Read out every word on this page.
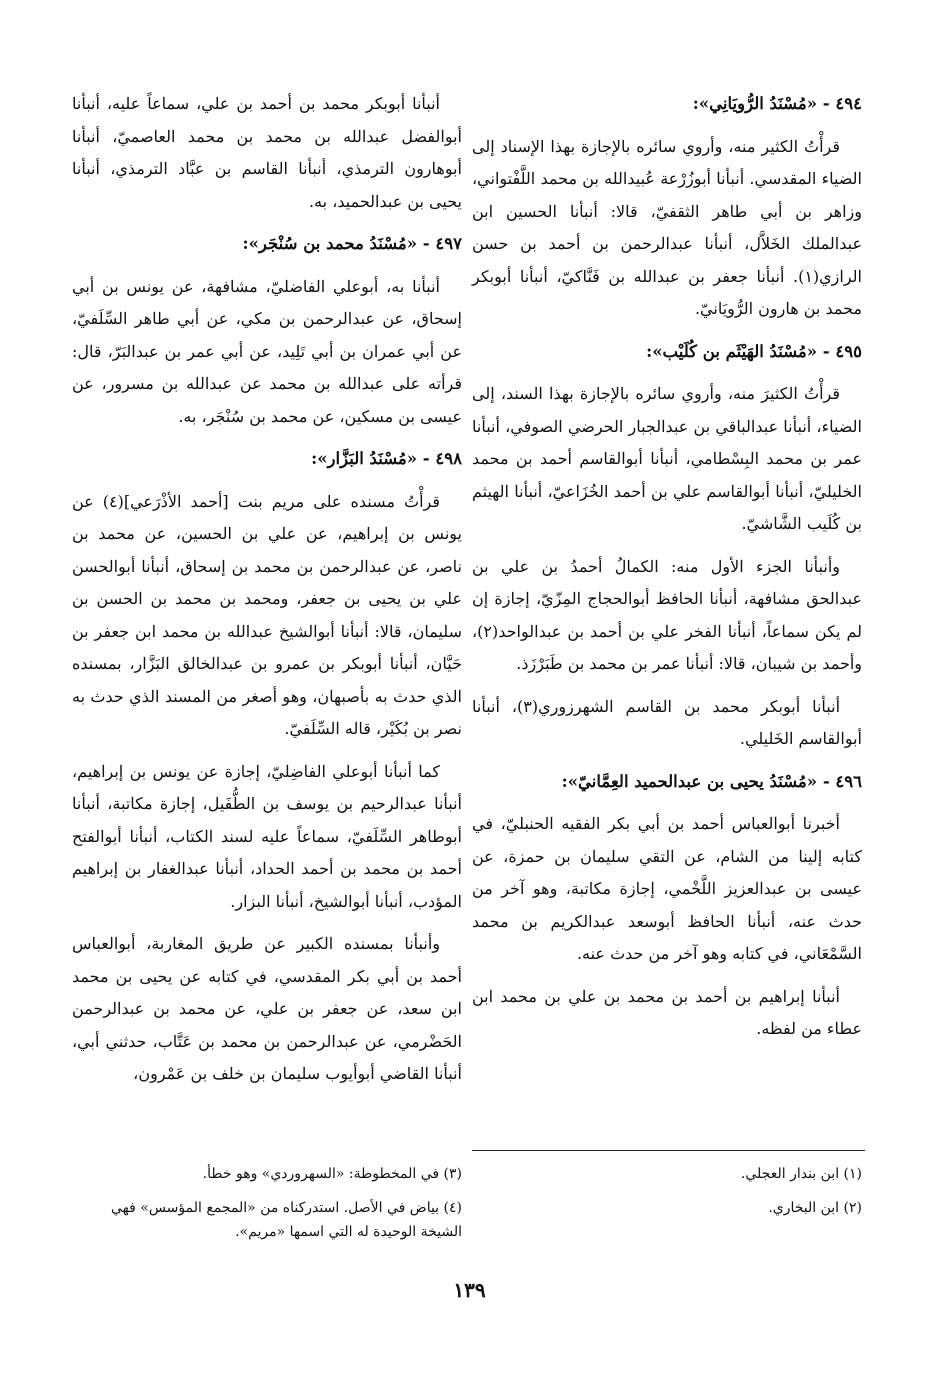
٤٩٤ - «مُسْنَدُ الرُّويَانِي»:

قرأْتُ الكثير منه، وأروي سائره بالإجازة بهذا الإسناد إلى الضياء المقدسي. أنبأنا أبوزُرْعة عُبيدالله بن محمد اللَّفْتواني، وزاهر بن أبي طاهر الثقفيّ، قالا: أنبأنا الحسين ابن عبدالملك الخَلاَّل، أنبأنا عبدالرحمن بن أحمد بن حسن الرازي(١). أنبأنا جعفر بن عبدالله بن فَنَّاكيّ، أنبأنا أبوبكر محمد بن هارون الرُّويَانيّ.

٤٩٥ - «مُسْنَدُ الهَيْثَم بن كُلَيْب»:

قرأْتُ الكثيرَ منه، وأروي سائره بالإجازة بهذا السند، إلى الضياء، أنبأنا عبدالباقي بن عبدالجبار الحرضي الصوفي، أنبأنا عمر بن محمد البِسْطامي، أنبأنا أبوالقاسم أحمد بن محمد الخليليّ، أنبأنا أبوالقاسم علي بن أحمد الخُزَاعيّ، أنبأنا الهيثم بن كُلَيب الشَّاشيّ.

وأنبأنا الجزء الأول منه: الكمالُ أحمدُ بن علي بن عبدالحق مشافهة، أنبأنا الحافظ أبوالحجاج المِزّيّ، إجازة إن لم يكن سماعاً، أنبأنا الفخر علي بن أحمد بن عبدالواحد(٢)، وأحمد بن شيبان، قالا: أنبأنا عمر بن محمد بن طَبَرْزَذ.

أنبأنا أبوبكر محمد بن القاسم الشهرزوري(٣)، أنبأنا أبوالقاسم الخَليلي.

٤٩٦ - «مُسْنَدُ يحيى بن عبدالحميد العِمَّانيّ»:

أخبرنا أبوالعباس أحمد بن أبي بكر الفقيه الحنبليّ، في كتابه إلينا من الشام، عن التقي سليمان بن حمزة، عن عيسى بن عبدالعزيز اللَّخْمي، إجازة مكاتبة، وهو آخر من حدث عنه، أنبأنا الحافظ أبوسعد عبدالكريم بن محمد السَّمْعَاني، في كتابه وهو آخر من حدث عنه.

أنبأنا إبراهيم بن أحمد بن محمد بن علي بن محمد ابن عطاء من لفظه.

أنبأنا أبوبكر محمد بن أحمد بن علي، سماعاً عليه، أنبأنا أبوالفضل عبدالله بن محمد بن محمد العاصميّ، أنبأنا أبوهارون الترمذي، أنبأنا القاسم بن عبَّاد الترمذي، أنبأنا يحيى بن عبدالحميد، به.

٤٩٧ - «مُسْنَدُ محمد بن سُنْجَر»:

أنبأنا به، أبوعلي الفاضليّ، مشافهة، عن يونس بن أبي إسحاق، عن عبدالرحمن بن مكي، عن أبي طاهر السِّلَفيّ، عن أبي عمران بن أبي تَلِيد، عن أبي عمر بن عبدالبَرّ، قال: قرأته على عبدالله بن محمد عن عبدالله بن مسرور، عن عيسى بن مسكين، عن محمد بن سُنْجَر، به.

٤٩٨ - «مُسْنَدُ البَزَّار»:

قرأْتُ مسنده على مريم بنت [أحمد الأذْرَعي](٤) عن يونس بن إبراهيم، عن علي بن الحسين، عن محمد بن ناصر، عن عبدالرحمن بن محمد بن إسحاق، أنبأنا أبوالحسن علي بن يحيى بن جعفر، ومحمد بن محمد بن الحسن بن سليمان، قالا: أنبأنا أبوالشيخ عبدالله بن محمد ابن جعفر بن حَيَّان، أنبأنا أبوبكر بن عمرو بن عبدالخالق البَزَّار، بمسنده الذي حدث به بأصبهان، وهو أصغر من المسند الذي حدث به نصر بن بُكَيْر، قاله السِّلَفيّ.

كما أنبأنا أبوعلي الفاضِليّ، إجازة عن يونس بن إبراهيم، أنبأنا عبدالرحيم بن يوسف بن الطُّفَيل، إجازة مكاتبة، أنبأنا أبوطاهر السِّلَفيّ، سماعاً عليه لسند الكتاب، أنبأنا أبوالفتح أحمد بن محمد بن أحمد الحداد، أنبأنا عبدالغفار بن إبراهيم المؤدب، أنبأنا أبوالشيخ، أنبأنا البزار.

وأنبأنا بمسنده الكبير عن طريق المغاربة، أبوالعباس أحمد بن أبي بكر المقدسي، في كتابه عن يحيى بن محمد ابن سعد، عن جعفر بن علي، عن محمد بن عبدالرحمن الحَضْرمي، عن عبدالرحمن بن محمد بن عَتَّاب، حدثني أبي، أنبأنا القاضي أبوأيوب سليمان بن خلف بن عَمْرون،

(١) ابن بندار العجلي.
(٢) ابن البخاري.
(٣) في المخطوطة: «السهروردي» وهو خطأ.
(٤) بياض في الأصل. استدركناه من «المجمع المؤسس» فهي الشيخة الوحيدة له التي اسمها «مريم».
١٣٩
